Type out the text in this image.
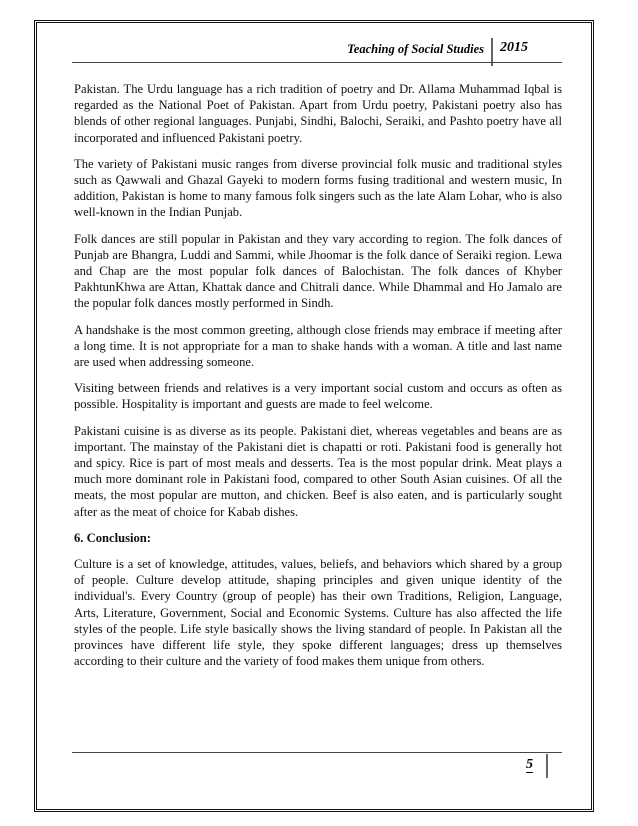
Teaching of Social Studies 2015

Pakistan. The Urdu language has a rich tradition of poetry and Dr. Allama Muhammad Iqbal is regarded as the National Poet of Pakistan. Apart from Urdu poetry, Pakistani poetry also has blends of other regional languages. Punjabi, Sindhi, Balochi, Seraiki, and Pashto poetry have all incorporated and influenced Pakistani poetry.

The variety of Pakistani music ranges from diverse provincial folk music and traditional styles such as Qawwali and Ghazal Gayeki to modern forms fusing traditional and western music, In addition, Pakistan is home to many famous folk singers such as the late Alam Lohar, who is also well-known in the Indian Punjab.

Folk dances are still popular in Pakistan and they vary according to region. The folk dances of Punjab are Bhangra, Luddi and Sammi, while Jhoomar is the folk dance of Seraiki region. Lewa and Chap are the most popular folk dances of Balochistan. The folk dances of Khyber PakhtunKhwa are Attan, Khattak dance and Chitrali dance. While Dhammal and Ho Jamalo are the popular folk dances mostly performed in Sindh.

A handshake is the most common greeting, although close friends may embrace if meeting after a long time. It is not appropriate for a man to shake hands with a woman. A title and last name are used when addressing someone.

Visiting between friends and relatives is a very important social custom and occurs as often as possible. Hospitality is important and guests are made to feel welcome.

Pakistani cuisine is as diverse as its people. Pakistani diet, whereas vegetables and beans are as important. The mainstay of the Pakistani diet is chapatti or roti. Pakistani food is generally hot and spicy. Rice is part of most meals and desserts. Tea is the most popular drink. Meat plays a much more dominant role in Pakistani food, compared to other South Asian cuisines. Of all the meats, the most popular are mutton, and chicken. Beef is also eaten, and is particularly sought after as the meat of choice for Kabab dishes.

6. Conclusion:

Culture is a set of knowledge, attitudes, values, beliefs, and behaviors which shared by a group of people. Culture develop attitude, shaping principles and given unique identity of the individual's. Every Country (group of people) has their own Traditions, Religion, Language, Arts, Literature, Government, Social and Economic Systems. Culture has also affected the life styles of the people. Life style basically shows the living standard of people. In Pakistan all the provinces have different life style, they spoke different languages; dress up themselves according to their culture and the variety of food makes them unique from others.

5
